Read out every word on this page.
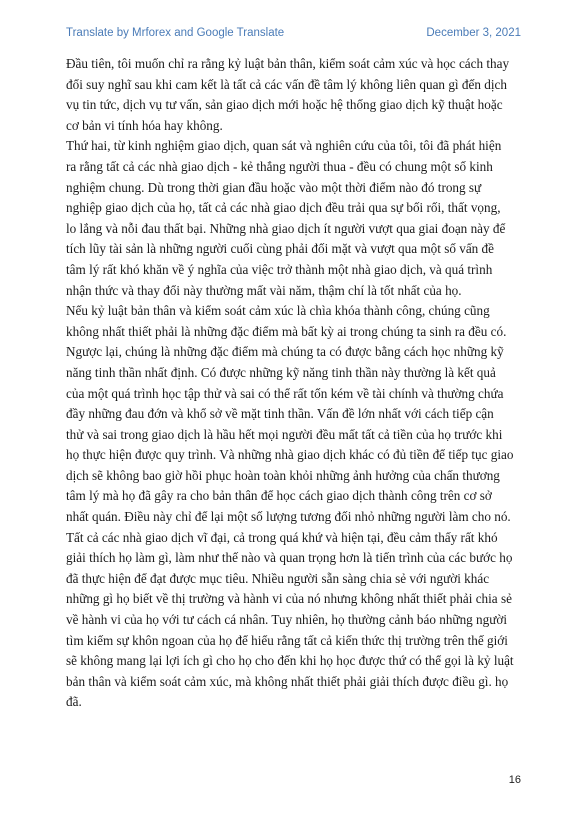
Translate by Mrforex and Google Translate	December 3, 2021

Đầu tiên, tôi muốn chỉ ra rằng kỷ luật bản thân, kiểm soát cảm xúc và học cách thay đổi suy nghĩ sau khi cam kết là tất cả các vấn đề tâm lý không liên quan gì đến dịch vụ tin tức, dịch vụ tư vấn, sản giao dịch mới hoặc hệ thống giao dịch kỹ thuật hoặc cơ bản vi tính hóa hay không.

Thứ hai, từ kinh nghiệm giao dịch, quan sát và nghiên cứu của tôi, tôi đã phát hiện ra rằng tất cả các nhà giao dịch - kẻ thắng người thua - đều có chung một số kinh nghiệm chung. Dù trong thời gian đầu hoặc vào một thời điểm nào đó trong sự nghiệp giao dịch của họ, tất cả các nhà giao dịch đều trải qua sự bối rối, thất vọng, lo lắng và nỗi đau thất bại. Những nhà giao dịch ít người vượt qua giai đoạn này để tích lũy tài sản là những người cuối cùng phải đối mặt và vượt qua một số vấn đề tâm lý rất khó khăn về ý nghĩa của việc trở thành một nhà giao dịch, và quá trình nhận thức và thay đổi này thường mất vài năm, thậm chí là tốt nhất của họ.

Nếu kỷ luật bản thân và kiểm soát cảm xúc là chìa khóa thành công, chúng cũng không nhất thiết phải là những đặc điểm mà bất kỳ ai trong chúng ta sinh ra đều có. Ngược lại, chúng là những đặc điểm mà chúng ta có được bằng cách học những kỹ năng tinh thần nhất định. Có được những kỹ năng tinh thần này thường là kết quả của một quá trình học tập thử và sai có thể rất tốn kém về tài chính và thường chứa đầy những đau đớn và khổ sở về mặt tinh thần. Vấn đề lớn nhất với cách tiếp cận thử và sai trong giao dịch là hầu hết mọi người đều mất tất cả tiền của họ trước khi họ thực hiện được quy trình. Và những nhà giao dịch khác có đủ tiền để tiếp tục giao dịch sẽ không bao giờ hồi phục hoàn toàn khỏi những ảnh hưởng của chấn thương tâm lý mà họ đã gây ra cho bản thân để học cách giao dịch thành công trên cơ sở nhất quán. Điều này chỉ để lại một số lượng tương đối nhỏ những người làm cho nó.

Tất cả các nhà giao dịch vĩ đại, cả trong quá khứ và hiện tại, đều cảm thấy rất khó giải thích họ làm gì, làm như thế nào và quan trọng hơn là tiến trình của các bước họ đã thực hiện để đạt được mục tiêu. Nhiều người sẵn sàng chia sẻ với người khác những gì họ biết về thị trường và hành vi của nó nhưng không nhất thiết phải chia sẻ về hành vi của họ với tư cách cá nhân. Tuy nhiên, họ thường cảnh báo những người tìm kiếm sự khôn ngoan của họ để hiểu rằng tất cả kiến thức thị trường trên thế giới sẽ không mang lại lợi ích gì cho họ cho đến khi họ học được thứ có thể gọi là kỷ luật bản thân và kiểm soát cảm xúc, mà không nhất thiết phải giải thích được điều gì. họ đã.

16
